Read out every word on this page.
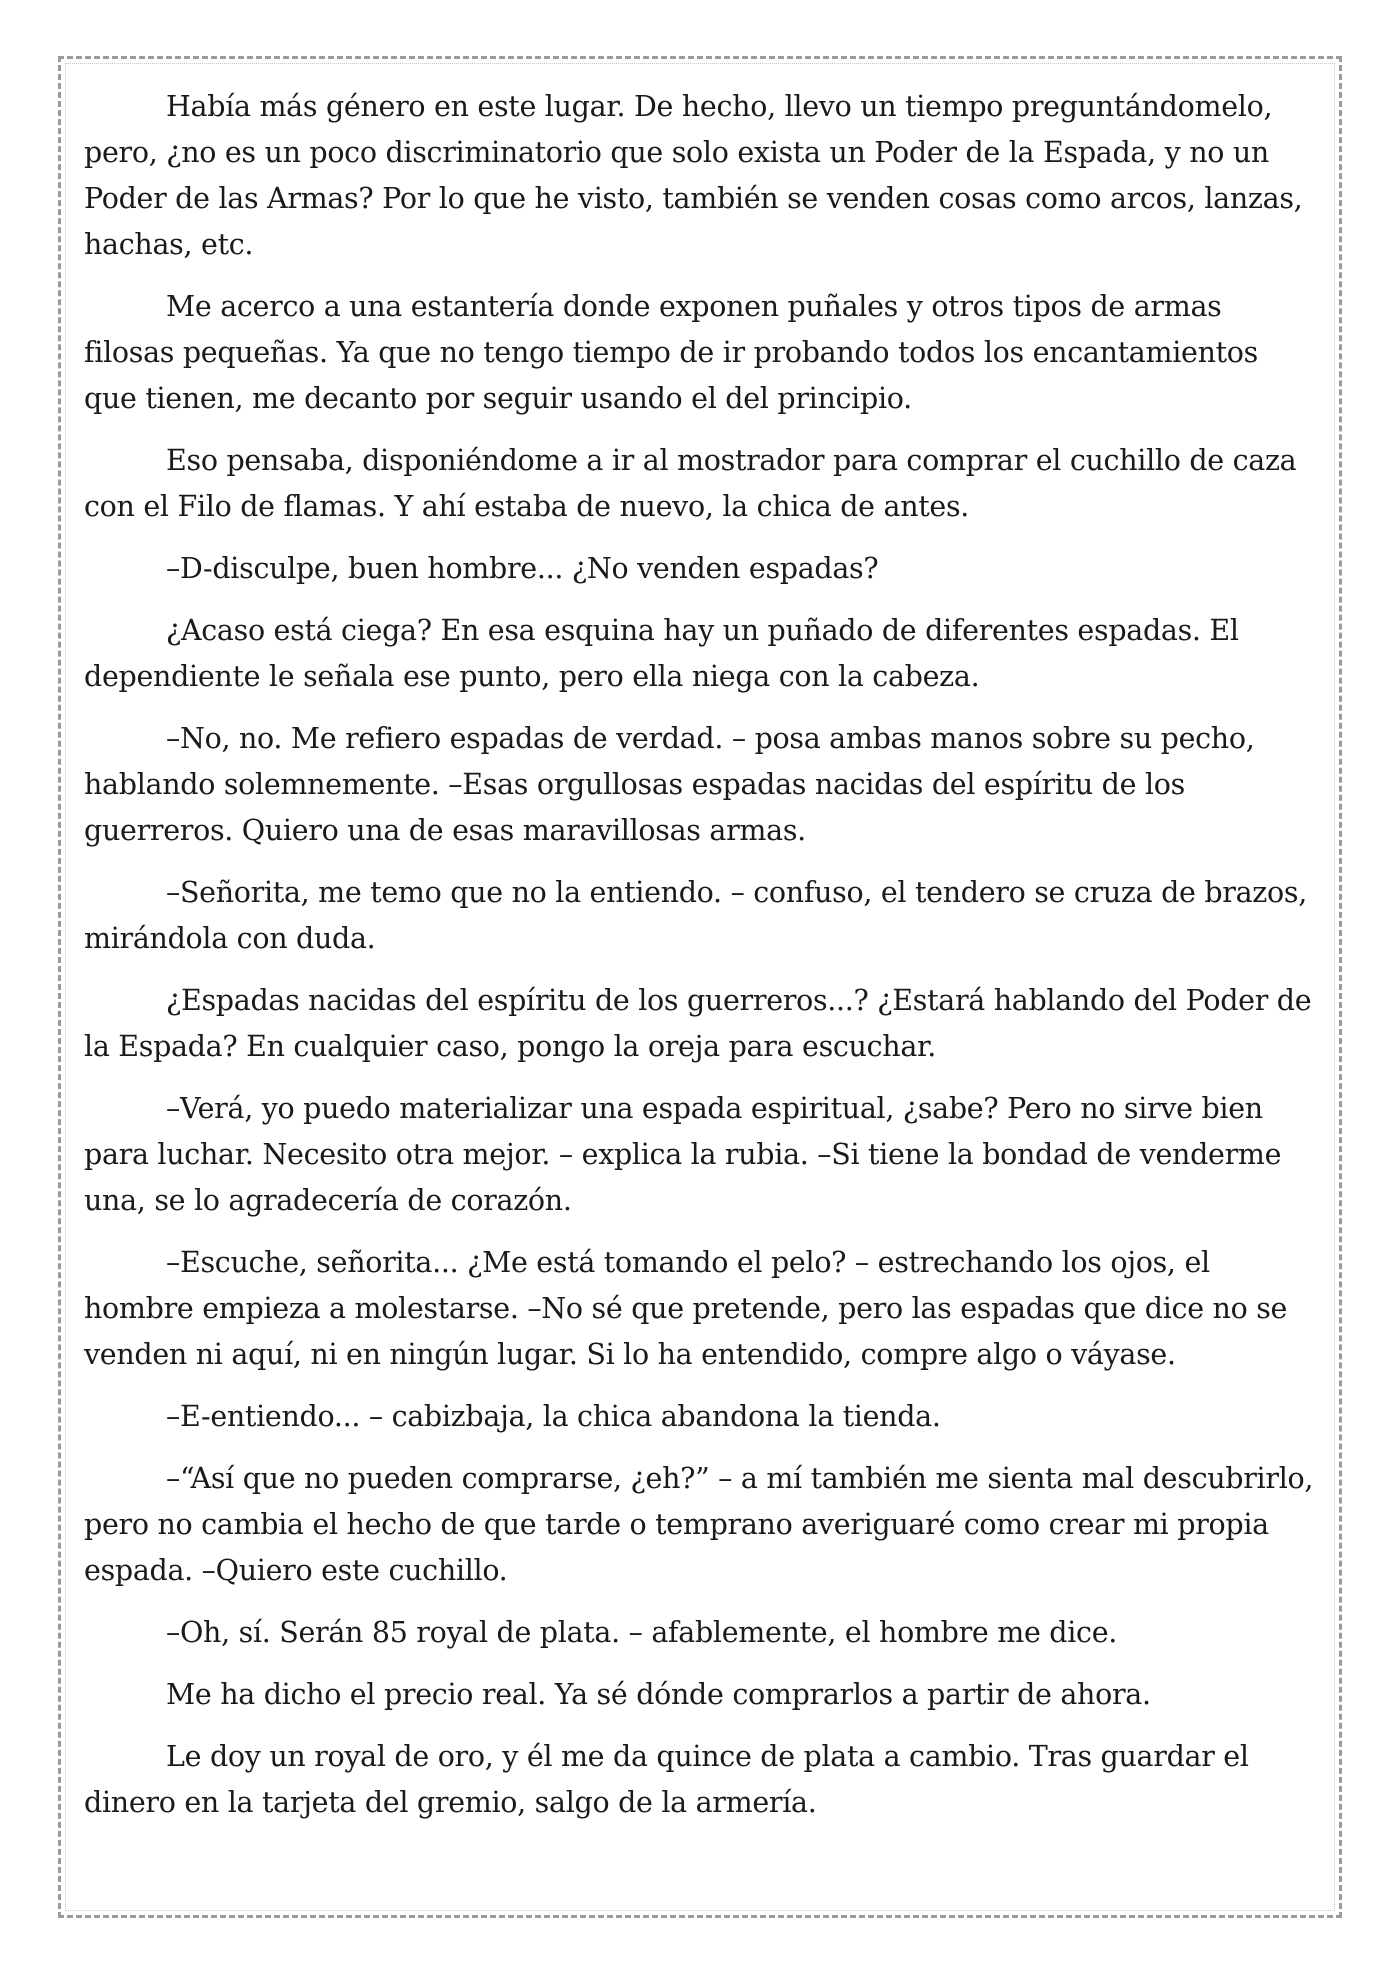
Había más género en este lugar. De hecho, llevo un tiempo preguntándomelo, pero, ¿no es un poco discriminatorio que solo exista un Poder de la Espada, y no un Poder de las Armas? Por lo que he visto, también se venden cosas como arcos, lanzas, hachas, etc.

Me acerco a una estantería donde exponen puñales y otros tipos de armas filosas pequeñas. Ya que no tengo tiempo de ir probando todos los encantamientos que tienen, me decanto por seguir usando el del principio.

Eso pensaba, disponiéndome a ir al mostrador para comprar el cuchillo de caza con el Filo de flamas. Y ahí estaba de nuevo, la chica de antes.

–D-disculpe, buen hombre... ¿No venden espadas?

¿Acaso está ciega? En esa esquina hay un puñado de diferentes espadas. El dependiente le señala ese punto, pero ella niega con la cabeza.

–No, no. Me refiero espadas de verdad. – posa ambas manos sobre su pecho, hablando solemnemente. –Esas orgullosas espadas nacidas del espíritu de los guerreros. Quiero una de esas maravillosas armas.

–Señorita, me temo que no la entiendo. – confuso, el tendero se cruza de brazos, mirándola con duda.

¿Espadas nacidas del espíritu de los guerreros...? ¿Estará hablando del Poder de la Espada? En cualquier caso, pongo la oreja para escuchar.

–Verá, yo puedo materializar una espada espiritual, ¿sabe? Pero no sirve bien para luchar. Necesito otra mejor. – explica la rubia. –Si tiene la bondad de venderme una, se lo agradecería de corazón.

–Escuche, señorita... ¿Me está tomando el pelo? – estrechando los ojos, el hombre empieza a molestarse. –No sé que pretende, pero las espadas que dice no se venden ni aquí, ni en ningún lugar. Si lo ha entendido, compre algo o váyase.

–E-entiendo... – cabizbaja, la chica abandona la tienda.

–“Así que no pueden comprarse, ¿eh?” – a mí también me sienta mal descubrirlo, pero no cambia el hecho de que tarde o temprano averiguaré como crear mi propia espada. –Quiero este cuchillo.

–Oh, sí. Serán 85 royal de plata. – afablemente, el hombre me dice.

Me ha dicho el precio real. Ya sé dónde comprarlos a partir de ahora.

Le doy un royal de oro, y él me da quince de plata a cambio. Tras guardar el dinero en la tarjeta del gremio, salgo de la armería.
